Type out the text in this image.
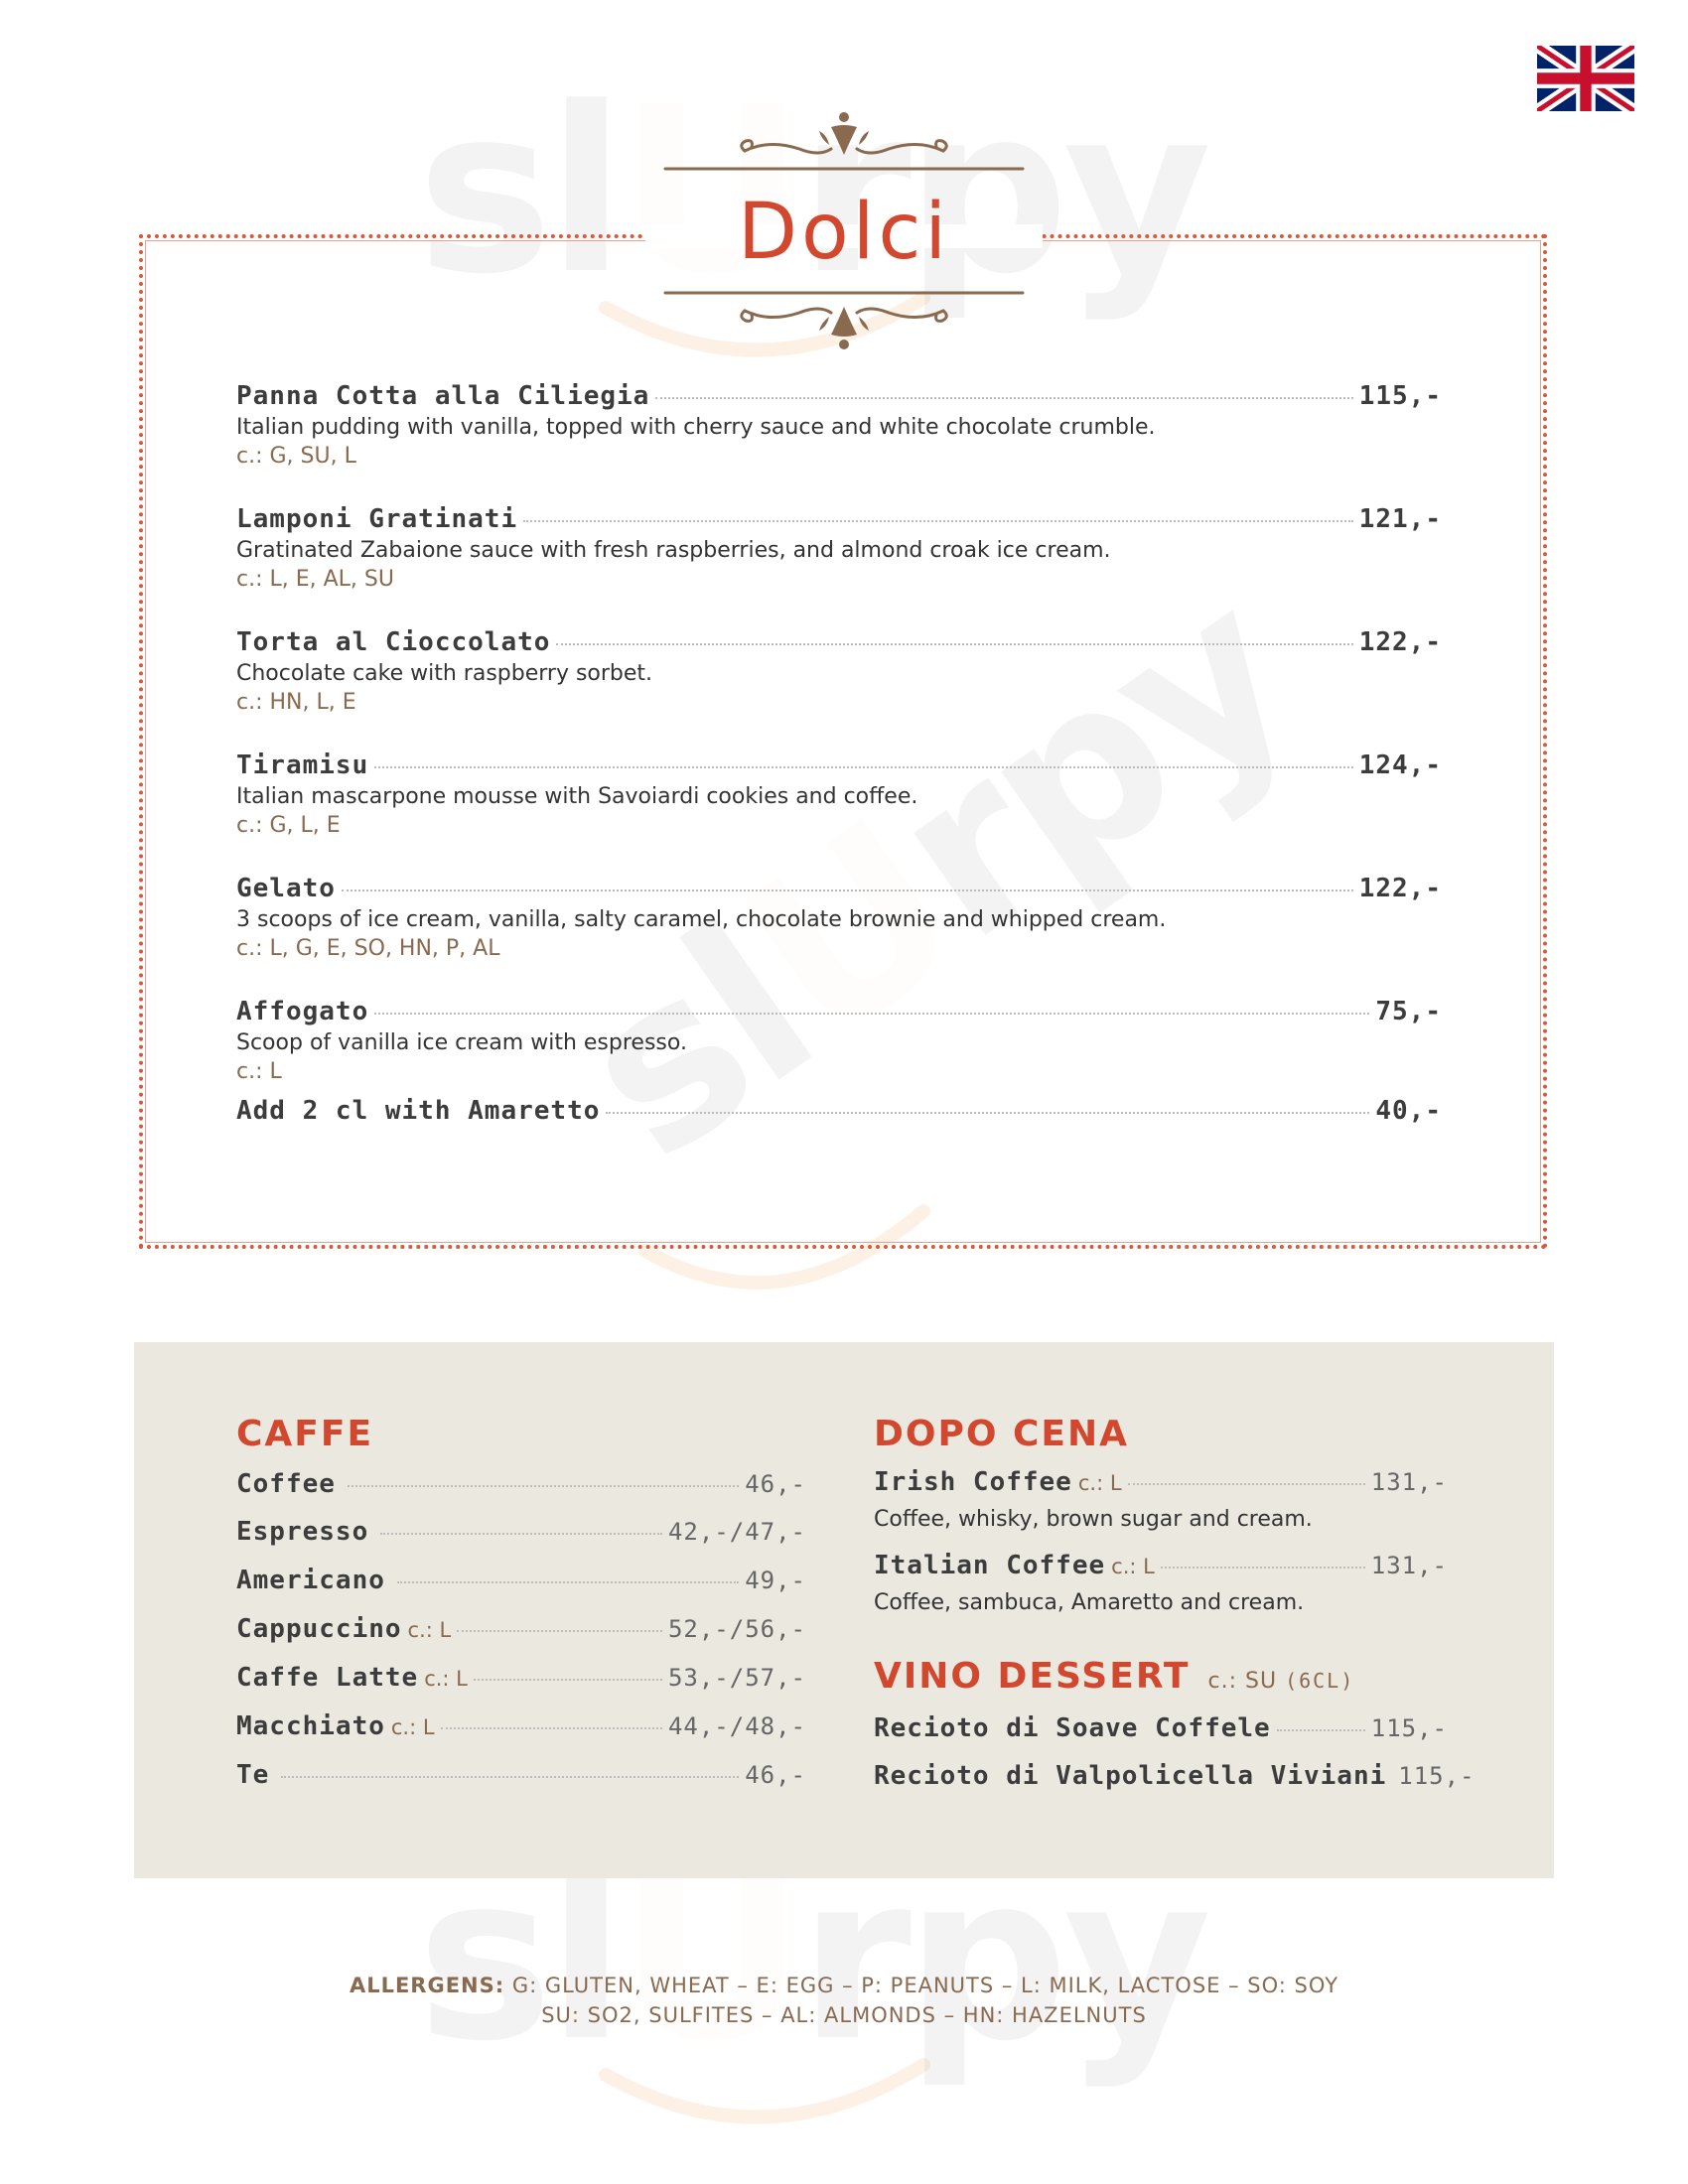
Dolci
Panna Cotta alla Ciliegia	115,-
Italian pudding with vanilla, topped with cherry sauce and white chocolate crumble.
c.: G, SU, L
Lamponi Gratinati	121,-
Gratinated Zabaione sauce with fresh raspberries, and almond croak ice cream.
c.: L, E, AL, SU
Torta al Cioccolato	122,-
Chocolate cake with raspberry sorbet.
c.: HN, L, E
Tiramisu	124,-
Italian mascarpone mousse with Savoiardi cookies and coffee.
c.: G, L, E
Gelato	122,-
3 scoops of ice cream, vanilla, salty caramel, chocolate brownie and whipped cream.
c.: L, G, E, SO, HN, P, AL
Affogato	75,-
Scoop of vanilla ice cream with espresso.
c.: L
Add 2 cl with Amaretto	40,-
CAFFE
Coffee	46,-
Espresso	42,-/47,-
Americano	49,-
Cappuccino c.: L	52,-/56,-
Caffe Latte c.: L	53,-/57,-
Macchiato c.: L	44,-/48,-
Te	46,-
DOPO CENA
Irish Coffee c.: L	131,-
Coffee, whisky, brown sugar and cream.
Italian Coffee c.: L	131,-
Coffee, sambuca, Amaretto and cream.
VINO DESSERT c.: SU (6CL)
Recioto di Soave Coffele	115,-
Recioto di Valpolicella Viviani 115,-
ALLERGENS: G: GLUTEN, WHEAT – E: EGG – P: PEANUTS – L: MILK, LACTOSE – SO: SOY
SU: SO2, SULFITES – AL: ALMONDS – HN: HAZELNUTS
